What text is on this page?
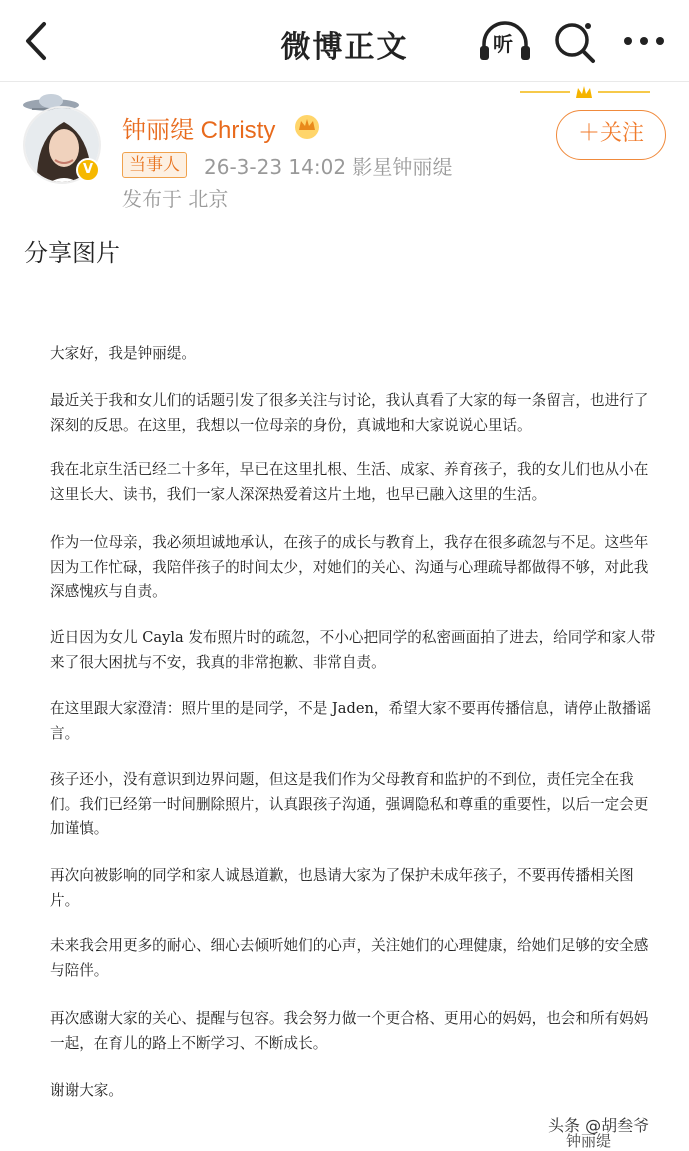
微博正文	听
V
钟丽缇 Christy
当事人	26-3-23 14:02 影星钟丽缇
发布于 北京
＋关注
分享图片

大家好，我是钟丽缇。

最近关于我和女儿们的话题引发了很多关注与讨论，我认真看了大家的每一条留言，也进行了深刻的反思。在这里，我想以一位母亲的身份，真诚地和大家说说心里话。

我在北京生活已经二十多年，早已在这里扎根、生活、成家、养育孩子，我的女儿们也从小在这里长大、读书，我们一家人深深热爱着这片土地，也早已融入这里的生活。

作为一位母亲，我必须坦诚地承认，在孩子的成长与教育上，我存在很多疏忽与不足。这些年因为工作忙碌，我陪伴孩子的时间太少，对她们的关心、沟通与心理疏导都做得不够，对此我深感愧疚与自责。

近日因为女儿 Cayla 发布照片时的疏忽，不小心把同学的私密画面拍了进去，给同学和家人带来了很大困扰与不安，我真的非常抱歉、非常自责。

在这里跟大家澄清：照片里的是同学，不是 Jaden，希望大家不要再传播信息，请停止散播谣言。

孩子还小，没有意识到边界问题，但这是我们作为父母教育和监护的不到位，责任完全在我们。我们已经第一时间删除照片，认真跟孩子沟通，强调隐私和尊重的重要性，以后一定会更加谨慎。

再次向被影响的同学和家人诚恳道歉，也恳请大家为了保护未成年孩子，不要再传播相关图片。

未来我会用更多的耐心、细心去倾听她们的心声，关注她们的心理健康，给她们足够的安全感与陪伴。

再次感谢大家的关心、提醒与包容。我会努力做一个更合格、更用心的妈妈，也会和所有妈妈一起，在育儿的路上不断学习、不断成长。

谢谢大家。

头条 @胡叁爷
钟丽缇
